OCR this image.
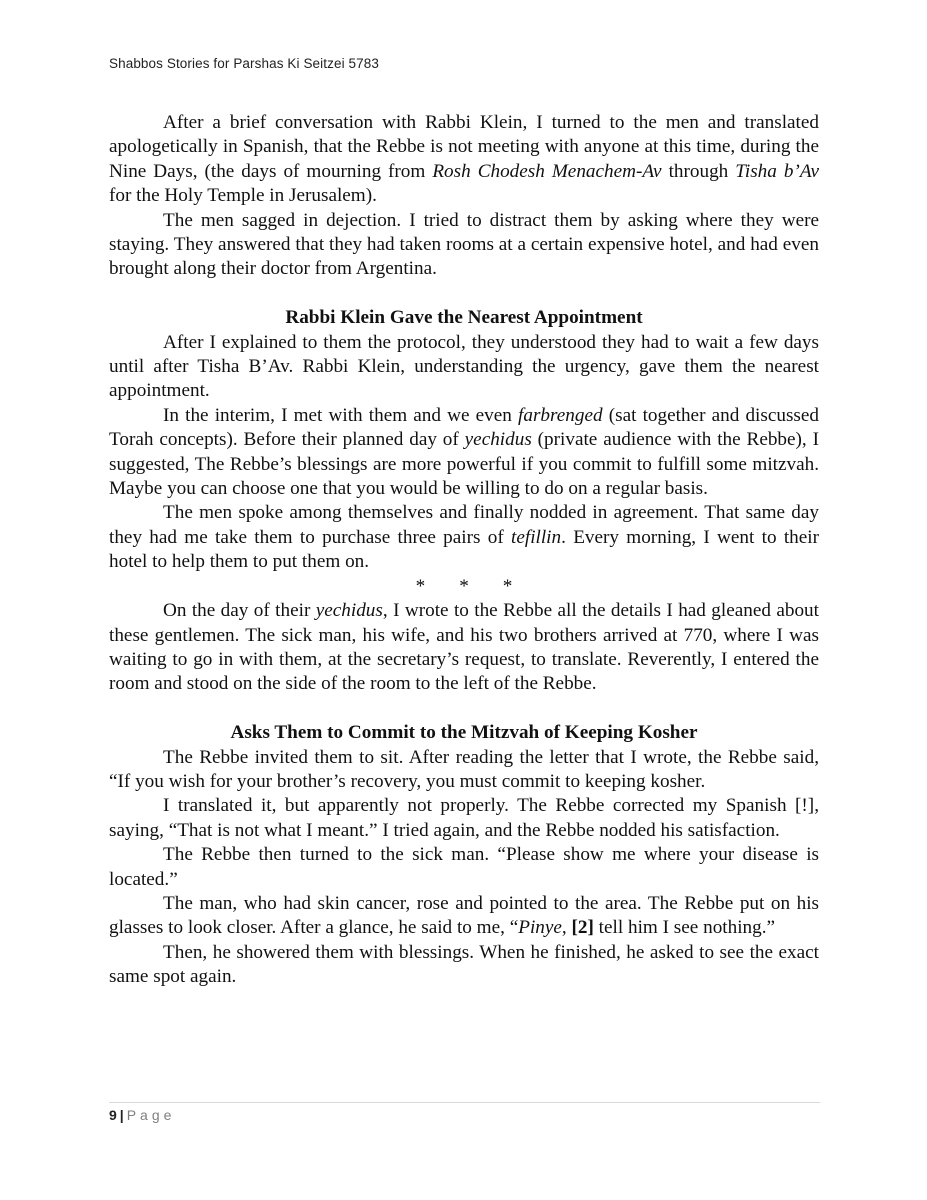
Shabbos Stories for Parshas Ki Seitzei 5783

After a brief conversation with Rabbi Klein, I turned to the men and translated apologetically in Spanish, that the Rebbe is not meeting with anyone at this time, during the Nine Days, (the days of mourning from Rosh Chodesh Menachem-Av through Tisha b’Av for the Holy Temple in Jerusalem).

The men sagged in dejection. I tried to distract them by asking where they were staying. They answered that they had taken rooms at a certain expensive hotel, and had even brought along their doctor from Argentina.

Rabbi Klein Gave the Nearest Appointment

After I explained to them the protocol, they understood they had to wait a few days until after Tisha B’Av. Rabbi Klein, understanding the urgency, gave them the nearest appointment.

In the interim, I met with them and we even farbrenged (sat together and discussed Torah concepts). Before their planned day of yechidus (private audience with the Rebbe), I suggested, The Rebbe’s blessings are more powerful if you commit to fulfill some mitzvah. Maybe you can choose one that you would be willing to do on a regular basis.

The men spoke among themselves and finally nodded in agreement. That same day they had me take them to purchase three pairs of tefillin. Every morning, I went to their hotel to help them to put them on.

* * *

On the day of their yechidus, I wrote to the Rebbe all the details I had gleaned about these gentlemen. The sick man, his wife, and his two brothers arrived at 770, where I was waiting to go in with them, at the secretary’s request, to translate. Reverently, I entered the room and stood on the side of the room to the left of the Rebbe.

Asks Them to Commit to the Mitzvah of Keeping Kosher

The Rebbe invited them to sit. After reading the letter that I wrote, the Rebbe said, “If you wish for your brother’s recovery, you must commit to keeping kosher.

I translated it, but apparently not properly. The Rebbe corrected my Spanish [!], saying, “That is not what I meant.” I tried again, and the Rebbe nodded his satisfaction.

The Rebbe then turned to the sick man. “Please show me where your disease is located.”

The man, who had skin cancer, rose and pointed to the area. The Rebbe put on his glasses to look closer. After a glance, he said to me, “Pinye, [2] tell him I see nothing.”

Then, he showered them with blessings. When he finished, he asked to see the exact same spot again.

9 | Page
